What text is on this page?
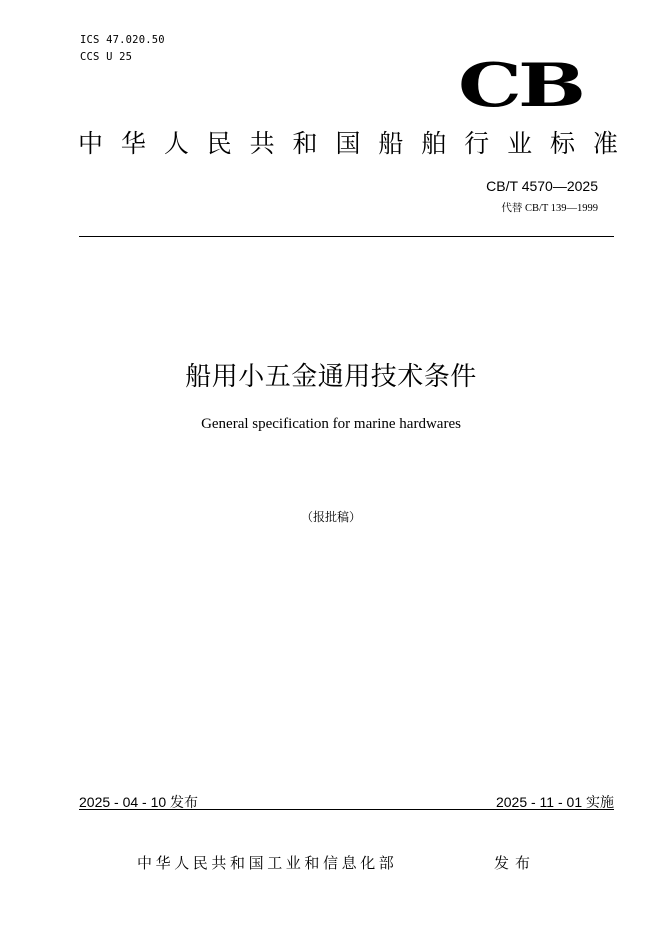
ICS 47.020.50
CCS U 25	CB
中 华 人 民 共 和 国 船 舶 行 业 标 准
CB/T 4570—2025
代替 CB/T 139—1999
船用小五金通用技术条件
General specification for marine hardwares
（报批稿）
2025 - 04 - 10 发布	2025 - 11 - 01 实施
中华人民共和国工业和信息化部	发布
